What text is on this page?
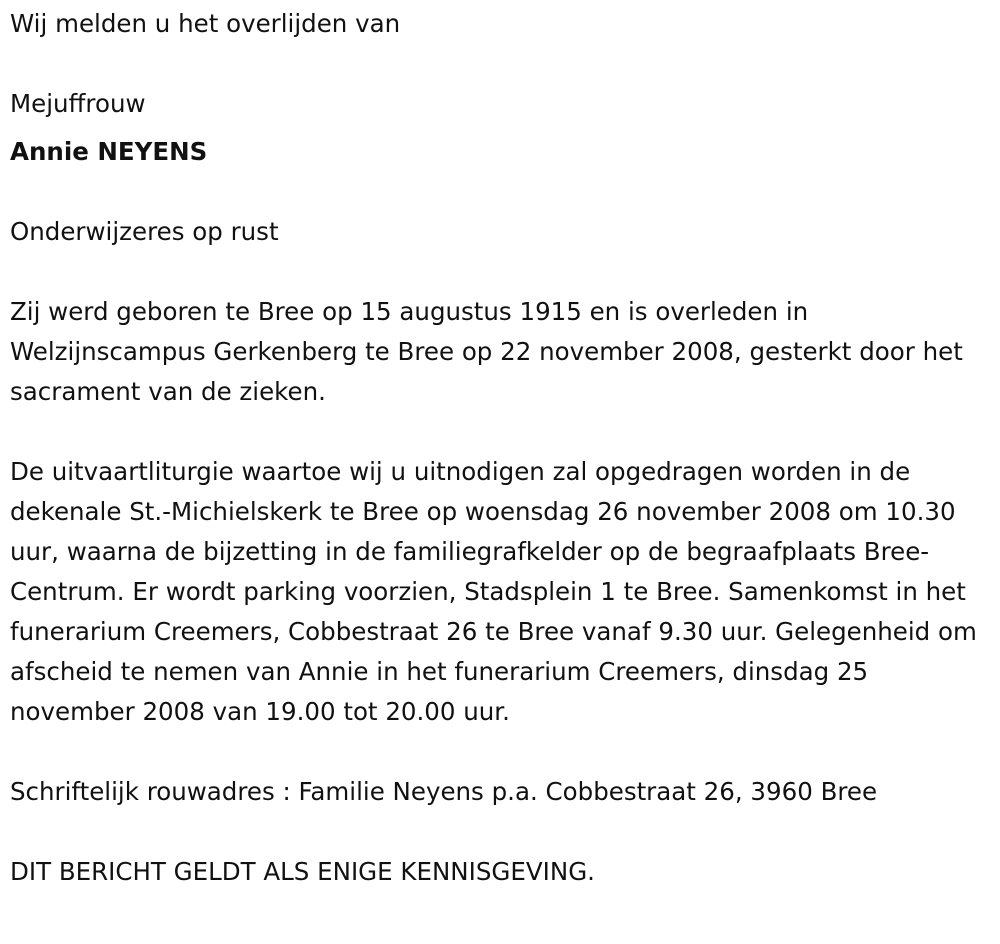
Wij melden u het overlijden van

Mejuffrouw

Annie NEYENS

Onderwijzeres op rust

Zij werd geboren te Bree op 15 augustus 1915 en is overleden in Welzijnscampus Gerkenberg te Bree op 22 november 2008, gesterkt door het sacrament van de zieken.

De uitvaartliturgie waartoe wij u uitnodigen zal opgedragen worden in de dekenale St.-Michielskerk te Bree op woensdag 26 november 2008 om 10.30 uur, waarna de bijzetting in de familiegrafkelder op de begraafplaats Bree-Centrum. Er wordt parking voorzien, Stadsplein 1 te Bree. Samenkomst in het funerarium Creemers, Cobbestraat 26 te Bree vanaf 9.30 uur. Gelegenheid om afscheid te nemen van Annie in het funerarium Creemers, dinsdag 25 november 2008 van 19.00 tot 20.00 uur.

Schriftelijk rouwadres : Familie Neyens p.a. Cobbestraat 26, 3960 Bree

DIT BERICHT GELDT ALS ENIGE KENNISGEVING.
